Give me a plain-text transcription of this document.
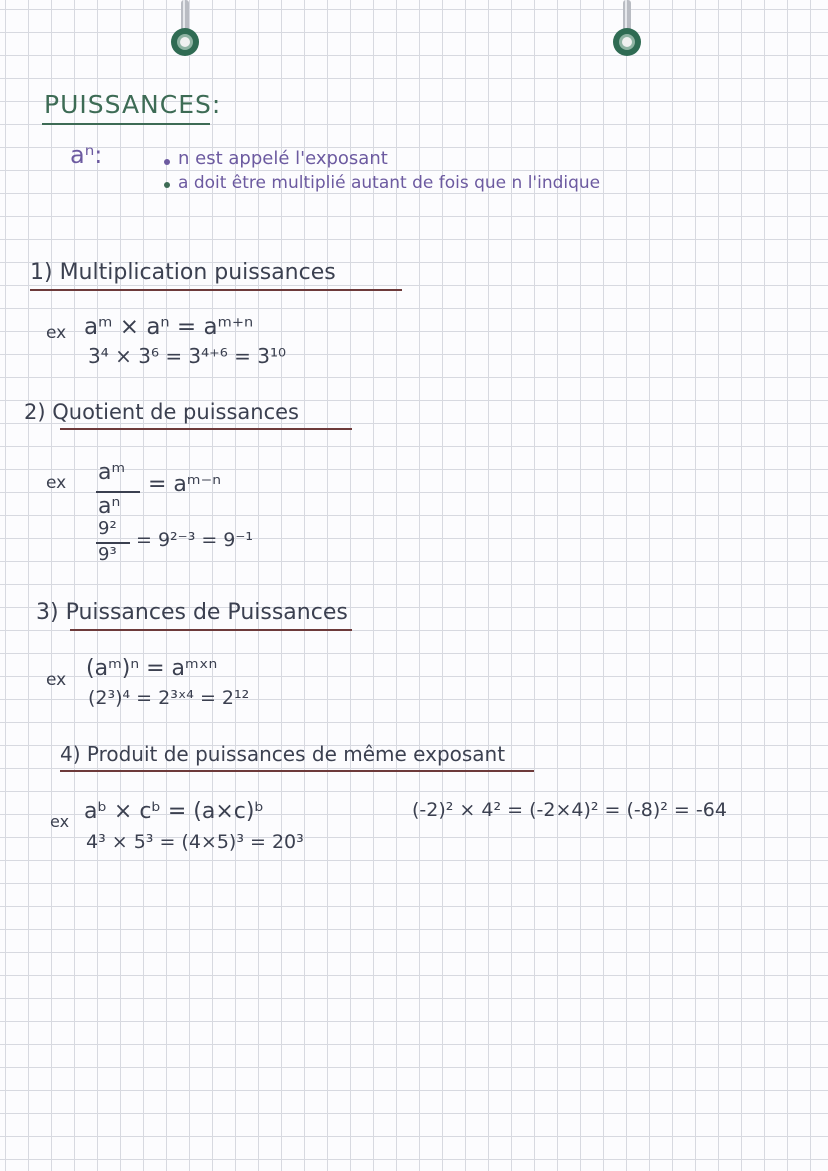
PUISSANCES:
aⁿ:	n est appelé l'exposant
a doit être multiplié autant de fois que n l'indique
1) Multiplication puissances
ex aᵐ × aⁿ = aᵐ⁺ⁿ
3⁴ × 3⁶ = 3⁴⁺⁶ = 3¹⁰
2) Quotient de puissances
ex aᵐ
aⁿ
= aᵐ⁻ⁿ
9²
9³
= 9²⁻³ = 9⁻¹
3) Puissances de Puissances
ex (aᵐ)ⁿ = aᵐˣⁿ
(2³)⁴ = 2³ˣ⁴ = 2¹²
4) Produit de puissances de même exposant
ex aᵇ × cᵇ = (a×c)ᵇ
4³ × 5³ = (4×5)³ = 20³
(-2)² × 4² = (-2×4)² = (-8)² = -64
